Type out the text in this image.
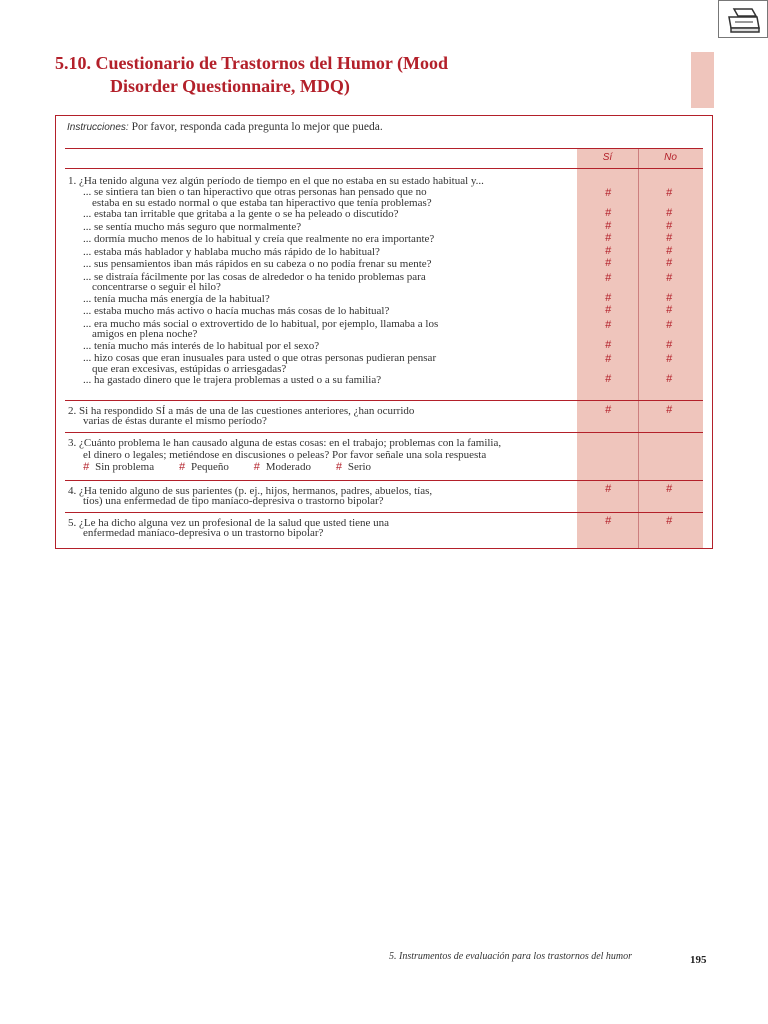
5.10. Cuestionario de Trastornos del Humor (Mood
Disorder Questionnaire, MDQ)
Instrucciones: Por favor, responda cada pregunta lo mejor que pueda.
Sí	No
1. ¿Ha tenido alguna vez algún período de tiempo en el que no estaba en su estado habitual y...
... se sintiera tan bien o tan hiperactivo que otras personas han pensado que no	#	#
estaba en su estado normal o que estaba tan hiperactivo que tenía problemas?
... estaba tan irritable que gritaba a la gente o se ha peleado o discutido?	#	#
... se sentía mucho más seguro que normalmente?	#	#
... dormía mucho menos de lo habitual y creía que realmente no era importante?	#	#
... estaba más hablador y hablaba mucho más rápido de lo habitual?	#	#
... sus pensamientos iban más rápidos en su cabeza o no podía frenar su mente?	#	#
... se distraía fácilmente por las cosas de alrededor o ha tenido problemas para	#	#
concentrarse o seguir el hilo?
... tenía mucha más energía de la habitual?	#	#
... estaba mucho más activo o hacía muchas más cosas de lo habitual?	#	#
... era mucho más social o extrovertido de lo habitual, por ejemplo, llamaba a los	#	#
amigos en plena noche?
... tenía mucho más interés de lo habitual por el sexo?	#	#
... hizo cosas que eran inusuales para usted o que otras personas pudieran pensar	#	#
que eran excesivas, estúpidas o arriesgadas?
... ha gastado dinero que le trajera problemas a usted o a su familia?	#	#
2. Si ha respondido SÍ a más de una de las cuestiones anteriores, ¿han ocurrido
varias de éstas durante el mismo período?
#	#
3. ¿Cuánto problema le han causado alguna de estas cosas: en el trabajo; problemas con la familia,
el dinero o legales; metiéndose en discusiones o peleas? Por favor señale una sola respuesta
# Sin problema # Pequeño # Moderado # Serio
4. ¿Ha tenido alguno de sus parientes (p. ej., hijos, hermanos, padres, abuelos, tías,
tíos) una enfermedad de tipo maníaco-depresiva o trastorno bipolar?
#	#
5. ¿Le ha dicho alguna vez un profesional de la salud que usted tiene una
enfermedad maníaco-depresiva o un trastorno bipolar?
#	#
5. Instrumentos de evaluación para los trastornos del humor	195
